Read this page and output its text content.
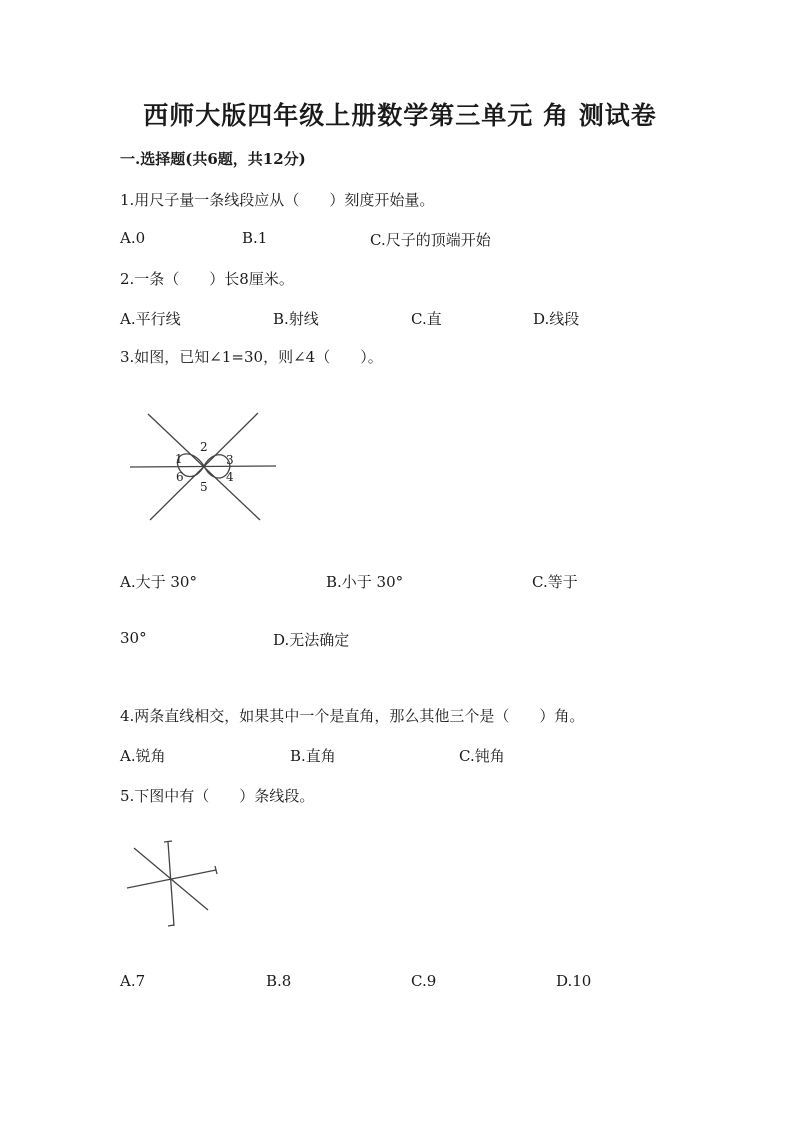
西师大版四年级上册数学第三单元 角 测试卷
一.选择题(共6题，共12分)
1.用尺子量一条线段应从（　　）刻度开始量。
A.0	B.1	C.尺子的顶端开始
2.一条（　　）长8厘米。
A.平行线	B.射线	C.直	D.线段
3.如图，已知∠1=30，则∠4（　　）。
1
2
3
4
5
6
A.大于 30°	B.小于 30°	C.等于
30°	D.无法确定
4.两条直线相交，如果其中一个是直角，那么其他三个是（　　）角。
A.锐角	B.直角	C.钝角
5.下图中有（　　）条线段。
A.7	B.8	C.9	D.10
